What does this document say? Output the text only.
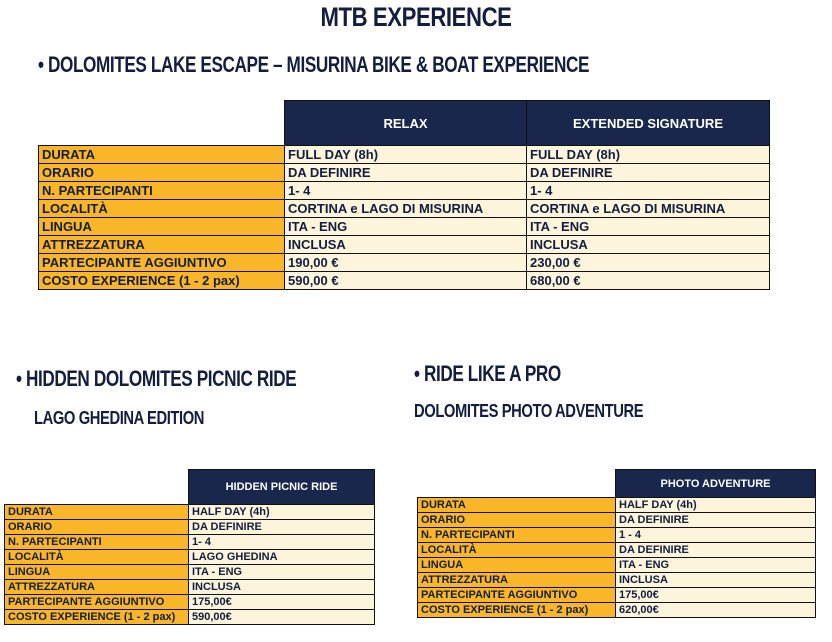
MTB EXPERIENCE
• DOLOMITES LAKE ESCAPE – MISURINA BIKE & BOAT EXPERIENCE
	RELAX	EXTENDED SIGNATURE
DURATA	FULL DAY (8h)	FULL DAY (8h)
ORARIO	DA DEFINIRE	DA DEFINIRE
N. PARTECIPANTI	1- 4	1- 4
LOCALITÀ	CORTINA e LAGO DI MISURINA	CORTINA e LAGO DI MISURINA
LINGUA	ITA - ENG	ITA - ENG
ATTREZZATURA	INCLUSA	INCLUSA
PARTECIPANTE AGGIUNTIVO	190,00 €	230,00 €
COSTO EXPERIENCE (1 - 2 pax)	590,00 €	680,00 €
• HIDDEN DOLOMITES PICNIC RIDE
LAGO GHEDINA EDITION
• RIDE LIKE A PRO
DOLOMITES PHOTO ADVENTURE
	HIDDEN PICNIC RIDE
DURATA	HALF DAY (4h)
ORARIO	DA DEFINIRE
N. PARTECIPANTI	1- 4
LOCALITÀ	LAGO GHEDINA
LINGUA	ITA - ENG
ATTREZZATURA	INCLUSA
PARTECIPANTE AGGIUNTIVO	175,00€
COSTO EXPERIENCE (1 - 2 pax)	590,00€
	PHOTO ADVENTURE
DURATA	HALF DAY (4h)
ORARIO	DA DEFINIRE
N. PARTECIPANTI	1 - 4
LOCALITÀ	DA DEFINIRE
LINGUA	ITA - ENG
ATTREZZATURA	INCLUSA
PARTECIPANTE AGGIUNTIVO	175,00€
COSTO EXPERIENCE (1 - 2 pax)	620,00€
